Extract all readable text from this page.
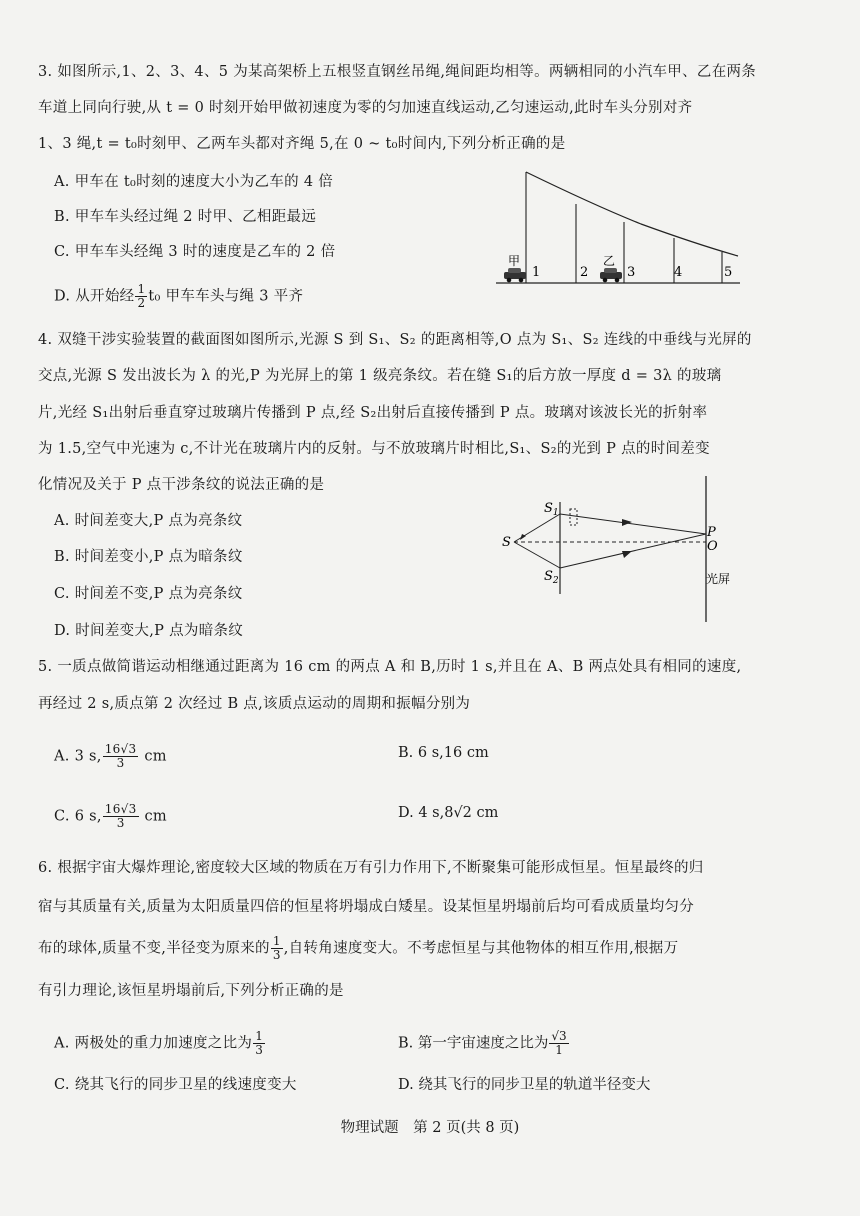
3. 如图所示,1、2、3、4、5 为某高架桥上五根竖直钢丝吊绳,绳间距均相等。两辆相同的小汽车甲、乙在两条
车道上同向行驶,从 t = 0 时刻开始甲做初速度为零的匀加速直线运动,乙匀速运动,此时车头分别对齐
1、3 绳,t = t₀时刻甲、乙两车头都对齐绳 5,在 0 ~ t₀时间内,下列分析正确的是
A. 甲车在 t₀时刻的速度大小为乙车的 4 倍
B. 甲车车头经过绳 2 时甲、乙相距最远
C. 甲车车头经绳 3 时的速度是乙车的 2 倍
D. 从开始经 $\frac{1}{2} t_0$ 甲车车头与绳 3 平齐
1	2	3	4	5
甲	乙
4. 双缝干涉实验装置的截面图如图所示,光源 S 到 S₁、S₂ 的距离相等,O 点为 S₁、S₂ 连线的中垂线与光屏的
交点,光源 S 发出波长为 λ 的光,P 为光屏上的第 1 级亮条纹。若在缝 S₁的后方放一厚度 d = 3λ 的玻璃
片,光经 S₁出射后垂直穿过玻璃片传播到 P 点,经 S₂出射后直接传播到 P 点。玻璃对该波长光的折射率
为 1.5,空气中光速为 c,不计光在玻璃片内的反射。与不放玻璃片时相比,S₁、S₂的光到 P 点的时间差变
化情况及关于 P 点干涉条纹的说法正确的是
A. 时间差变大,P 点为亮条纹
B. 时间差变小,P 点为暗条纹
C. 时间差不变,P 点为亮条纹
D. 时间差变大,P 点为暗条纹
S
$S_1$
$S_2$
P
O
光屏
5. 一质点做简谐运动相继通过距离为 16 cm 的两点 A 和 B,历时 1 s,并且在 A、B 两点处具有相同的速度,
再经过 2 s,质点第 2 次经过 B 点,该质点运动的周期和振幅分别为
A. 3 s, $\frac{16√3}{3}$ cm	B. 6 s,16 cm
C. 6 s, $\frac{16√3}{3}$ cm	D. 4 s,8√2 cm
6. 根据宇宙大爆炸理论,密度较大区域的物质在万有引力作用下,不断聚集可能形成恒星。恒星最终的归
宿与其质量有关,质量为太阳质量四倍的恒星将坍塌成白矮星。设某恒星坍塌前后均可看成质量均匀分
布的球体,质量不变,半径变为原来的 $\frac{1}{3}$ ,自转角速度变大。不考虑恒星与其他物体的相互作用,根据万
有引力理论,该恒星坍塌前后,下列分析正确的是
A. 两极处的重力加速度之比为 $\frac{1}{3}$	B. 第一宇宙速度之比为 $\frac{√3}{1}$
C. 绕其飞行的同步卫星的线速度变大	D. 绕其飞行的同步卫星的轨道半径变大
物理试题　第 2 页(共 8 页)
